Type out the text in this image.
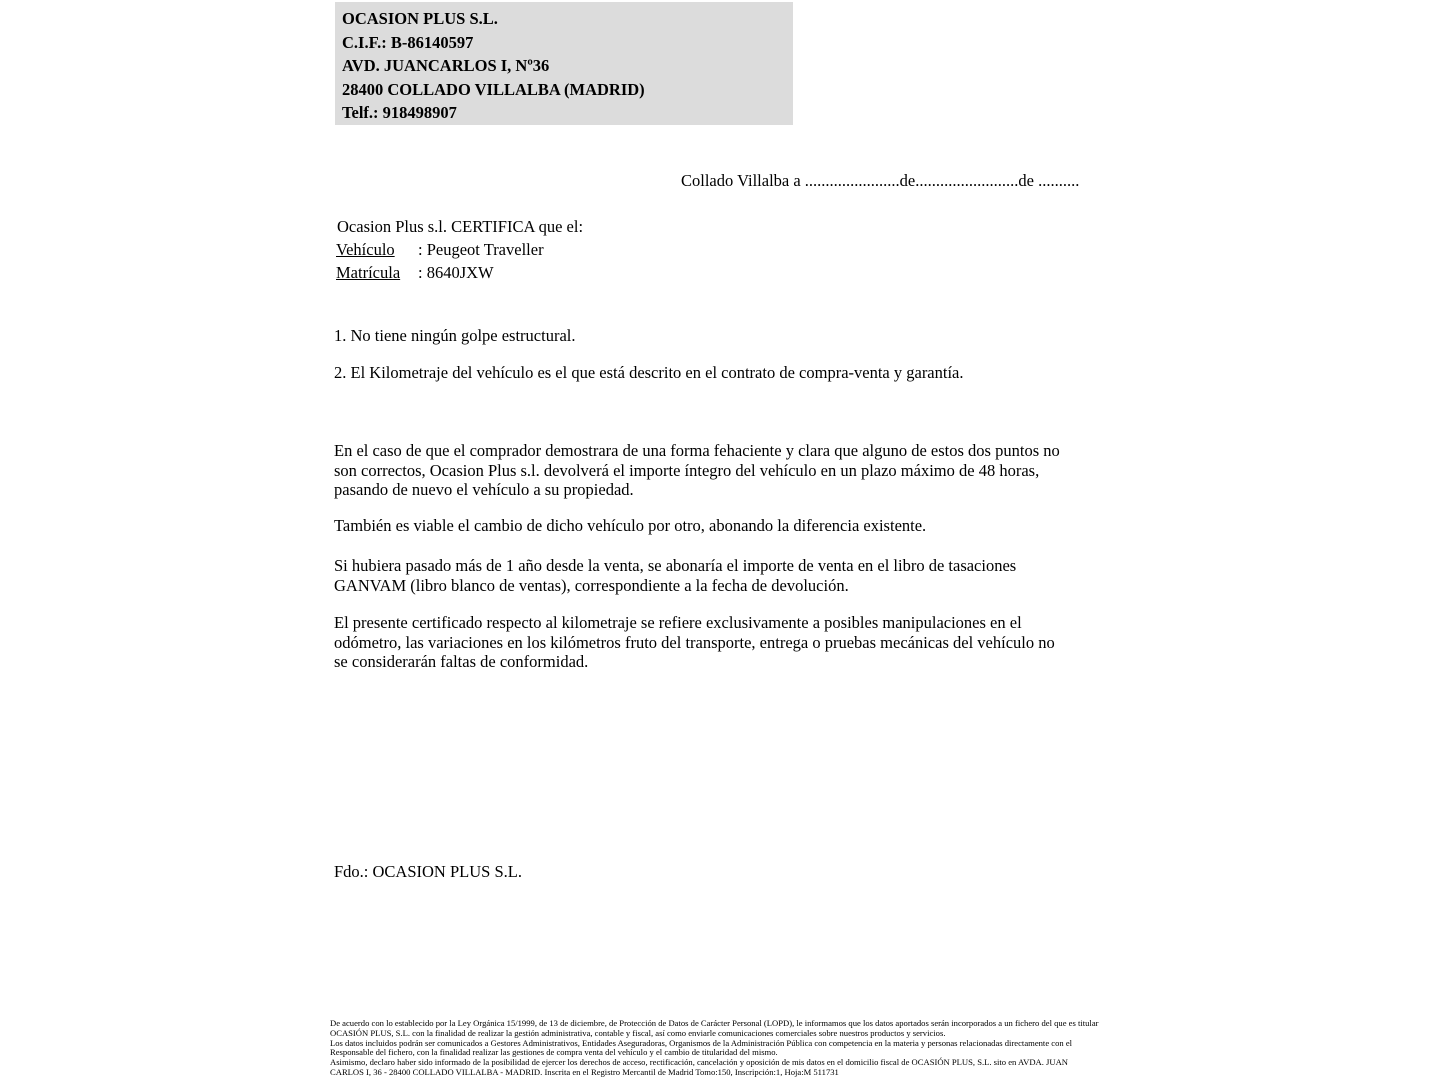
OCASION PLUS S.L.
C.I.F.: B-86140597
AVD. JUANCARLOS I, Nº36
28400 COLLADO VILLALBA (MADRID)
Telf.: 918498907
Collado Villalba a .......................de.........................de ..........
Ocasion Plus s.l. CERTIFICA que el:
Vehículo : Peugeot Traveller
Matrícula : 8640JXW
1. No tiene ningún golpe estructural.
2. El Kilometraje del vehículo es el que está descrito en el contrato de compra-venta y garantía.
En el caso de que el comprador demostrara de una forma fehaciente y clara que alguno de estos dos puntos no
son correctos, Ocasion Plus s.l. devolverá el importe íntegro del vehículo en un plazo máximo de 48 horas,
pasando de nuevo el vehículo a su propiedad.
También es viable el cambio de dicho vehículo por otro, abonando la diferencia existente.
Si hubiera pasado más de 1 año desde la venta, se abonaría el importe de venta en el libro de tasaciones
GANVAM (libro blanco de ventas), correspondiente a la fecha de devolución.
El presente certificado respecto al kilometraje se refiere exclusivamente a posibles manipulaciones en el
odómetro, las variaciones en los kilómetros fruto del transporte, entrega o pruebas mecánicas del vehículo no
se considerarán faltas de conformidad.
Fdo.: OCASION PLUS S.L.
De acuerdo con lo establecido por la Ley Orgánica 15/1999, de 13 de diciembre, de Protección de Datos de Carácter Personal (LOPD), le informamos que los datos aportados serán incorporados a un fichero del que es titular
OCASIÓN PLUS, S.L. con la finalidad de realizar la gestión administrativa, contable y fiscal, así como enviarle comunicaciones comerciales sobre nuestros productos y servicios.
Los datos incluidos podrán ser comunicados a Gestores Administrativos, Entidades Aseguradoras, Organismos de la Administración Pública con competencia en la materia y personas relacionadas directamente con el
Responsable del fichero, con la finalidad realizar las gestiones de compra venta del vehículo y el cambio de titularidad del mismo.
Asimismo, declaro haber sido informado de la posibilidad de ejercer los derechos de acceso, rectificación, cancelación y oposición de mis datos en el domicilio fiscal de OCASIÓN PLUS, S.L. sito en AVDA. JUAN
CARLOS I, 36 - 28400 COLLADO VILLALBA - MADRID. Inscrita en el Registro Mercantil de Madrid Tomo:150, Inscripción:1, Hoja:M 511731
